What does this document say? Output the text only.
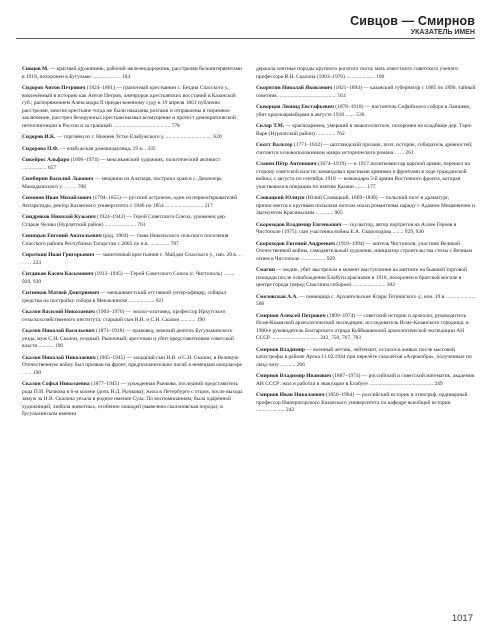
Сивцов — Смирнов
УКАЗАТЕЛЬ ИМЕН
Сивцов М. — красный дружинник, рабочий-железнодорожник, расстрелян белоинтервентами в 1918, похоронен в Бугульме ..................... 184
Сидоров Антон Петрович (1824–1861) — грамотный крестьянин с. Бездна Спасского у., вовлечённый в историю как Антон Петров, лжепророк крестьянских восстаний в Казанской губ.; распоряжением Александра II предан военному суду и 19 апреля 1861 публично расстрелян, многие крестьяне тогда же были наказаны розгами и отправлены в тюремное заключение, расстрел безоружных крестьян вызвал возмущение и протест демократической интеллигенции в России и за границей .......................................... 778
Сидоров И.К. — торговец из г. Нижнее Устье Елабужского у. .................................. 620
Сидорова П.Ф. — елабужская домовладелица, 19 в. . 335
Сикейрос Альфаро (1896–1974) — мексиканский художник, политический активист .................. 657
Симбирин Василий Львович — мещанин из Алатыря, построил храм в с. Девлезерь Мамадышского у. . . . . . 708
Симонов Иван Михайлович (1794–1855) — русский астроном, один из первооткрывателей Антарктиды, ректор Казанского университета с 1846 по 1854 ............................ 217
Синдряков Николай Кузьмич (1924–1943) — Герой Советского Союза, уроженец дер. Старые Челны (Нурлатский район) ....................... 761
Синицын Евгений Анатольевич (род. 1964) — глава Никольского сельского поселения Спасского района Республики Татарстан с 2005 по н.в. .............. 787
Сироткин Иван Григорьевич — зажиточный крестьянин с. Майдан Спасского у., нач. 20 в. . . . . . . 223
Ситдиков Касим Касымович (1913–1945) — Герой Советского Союза (г. Чистополь) ........ 929, 930
Ситников Матвей Дмитриевич — меньшевистский отставной унтер-офицер, собирал средства на постройку собора в Мензелинске ................... 621
Скалон Василий Николаевич (1903–1976) — зоолог-охотовед, профессор Иркутского сельскохозяйственного института; старший сын Н.В. и С.Н. Скалон ........... 190
Скалон Николай Васильевич (1871–1918) — правовед, земский деятель Бугульминского уезда, муж С.Н. Скалон, уездный. Рыночный; арестован и убит представителями советской власти ........... 190
Скалон Николай Николаевич (1905–1945) — младший сын Н.В. и С.Н. Скалон, в Великую Отечественную войну был призван на фронт, предположительно погиб в немецком концлагере . . . . 190
Скалон Софья Николаевна (1877–1945) — урожденная Рычкова, последний представитель рода П.И. Рычкова в 6-м колене (дочь Н.Д. Рычкова); жила в Петербурге с отцом, после выхода замуж за Н.В. Скалона уехала в родное имение Сула. По воспоминаниям, была одарённой художницей, любила животных, особенно лошадей (вывелена скалоновская порода); в бугульминском имении
держала элитные породы крупного рогатого скота; мать известного советского ученого профессора В.Н. Скалона (1903–1976) ..................... 190
Скорятин Николай Яковлевич (1821–1894) — казанский губернатор с 1885 по 1890, тайный советник ........................................... 931
Скворцов Леонид Евстафьевич (1878–1918) — настоятель Софийского собора в Лаишеве, убит красноармейцами в августе 1918 ....... 536
Склар Т.М. — красноармеец, умерший в эвакогоспитале, похоронен на кладбище дер. Тарн-Варе (Нурлатский район) .............. 762
Скотт Вальтер (1771–1832) — шотландский прозаик, поэт, историк, собиратель древностей; считается основоположником жанра исторического романа . . . . 261
Славен Пётр Антонович (1874–1919) — в 1917 политкомиссар царской армии, перешел на сторону советской власти; командовал красными армиями и фронтами в ходе гражданской войны; с августа по сентябрь 1918 — командарм 5-й армии Восточного фронта, которая участвовала в операции по взятию Казани ........ 177
Словацкий Юлиуш (Юлий Словацкий, 1809–1849) — польский поэт и драматург, причисляется к крупным польским поэтам эпохи романтизма наряду с Адамом Мицкевичем и Зыгмунтом Красиньским ............. 905
Скороходов Владимир Евгеньевич — скульптор, автор портретов на Аллее Героев в Чистополе (1975), сын участника войны Е.А. Скороходова ........ 929, 930
Скороходов Евгений Андреевич (1919–1994) — житель Чистополя, участник Великой Отечественной войны, самодеятельный художник, инициатор строительства стелы с Вечным огнем в Чистополе .................. 929
Смагин — модик, убит выстрелом в момент выступления на митинге на бывшей торговой площади после освобождения Елабуги красными в 1918, похоронен в братской могиле в центре города (перед Спасским собором) ........................ 302
Смеловская А.А. — помещица с. Архангельские Клари Тетюшского у., кон. 19 в. ..................... 506
Смирнов Алексей Петрович (1899–1974) — советский историк и археолог, руководитель Исме-Казанской археологической экспедиции, исследователь Исме-Казанского городища; в 1960-е руководитель Болгарского отряда Куйбышевской археологической экспедиции АН СССР ................................... 242, 750, 767, 783
Смирнов Владимир — военный летчик, лейтенант, остался в живых после массовой катастрофы в районе Арска 11.02.1944 при перелёте самолётов «Аэрокобра», полученных по ленд-лизу ........... 266
Смирнов Владимир Иванович (1887–1974) — российский и советский математик, академик АН СССР; жил и работал в эвакуации в Елабуге ............................................... 249
Смирнов Иван Николаевич (1856–1904) — российский историк и этнограф, ординарный профессор Императорского Казанского университета по кафедре всеобщей истории ..................... 242
1017
